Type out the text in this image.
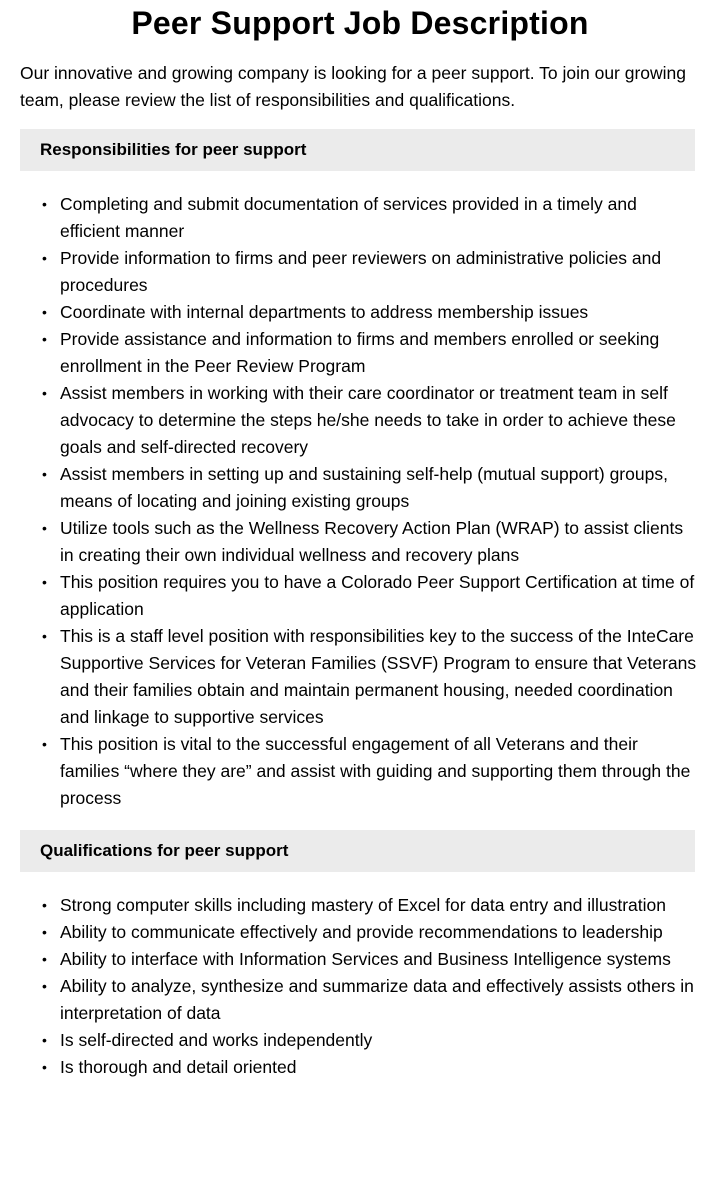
Peer Support Job Description

Our innovative and growing company is looking for a peer support. To join our growing team, please review the list of responsibilities and qualifications.

Responsibilities for peer support
• Completing and submit documentation of services provided in a timely and efficient manner
• Provide information to firms and peer reviewers on administrative policies and procedures
• Coordinate with internal departments to address membership issues
• Provide assistance and information to firms and members enrolled or seeking enrollment in the Peer Review Program
• Assist members in working with their care coordinator or treatment team in self advocacy to determine the steps he/she needs to take in order to achieve these goals and self-directed recovery
• Assist members in setting up and sustaining self-help (mutual support) groups, means of locating and joining existing groups
• Utilize tools such as the Wellness Recovery Action Plan (WRAP) to assist clients in creating their own individual wellness and recovery plans
• This position requires you to have a Colorado Peer Support Certification at time of application
• This is a staff level position with responsibilities key to the success of the InteCare Supportive Services for Veteran Families (SSVF) Program to ensure that Veterans and their families obtain and maintain permanent housing, needed coordination and linkage to supportive services
• This position is vital to the successful engagement of all Veterans and their families “where they are” and assist with guiding and supporting them through the process
Qualifications for peer support
• Strong computer skills including mastery of Excel for data entry and illustration
• Ability to communicate effectively and provide recommendations to leadership
• Ability to interface with Information Services and Business Intelligence systems
• Ability to analyze, synthesize and summarize data and effectively assists others in interpretation of data
• Is self-directed and works independently
• Is thorough and detail oriented
